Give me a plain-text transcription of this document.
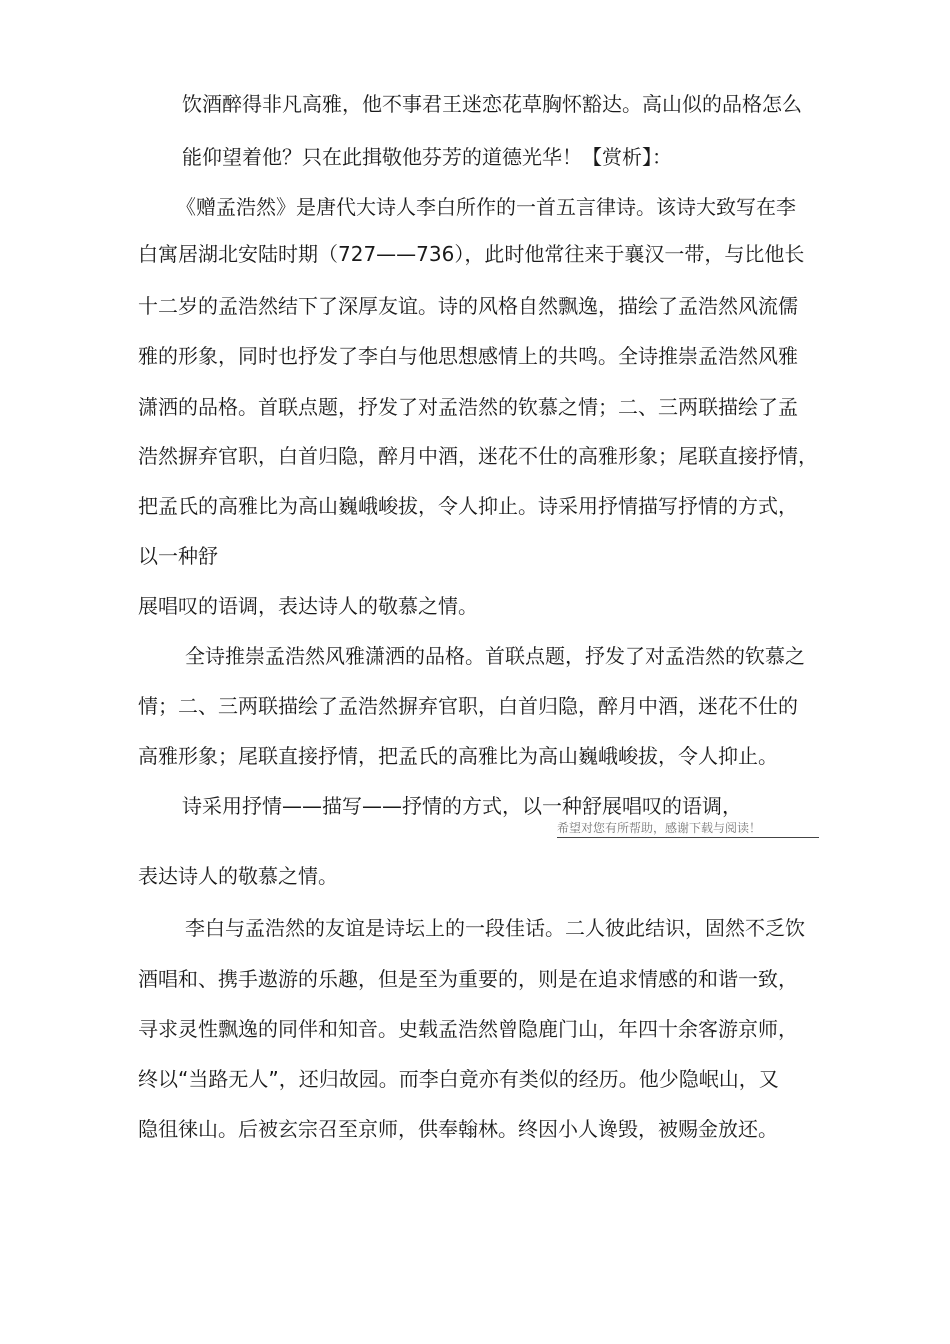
饮酒醉得非凡高雅，他不事君王迷恋花草胸怀豁达。高山似的品格怎么
能仰望着他？只在此揖敬他芬芳的道德光华！【赏析】：
《赠孟浩然》是唐代大诗人李白所作的一首五言律诗。该诗大致写在李
白寓居湖北安陆时期（727——736），此时他常往来于襄汉一带，与比他长
十二岁的孟浩然结下了深厚友谊。诗的风格自然飘逸，描绘了孟浩然风流儒
雅的形象，同时也抒发了李白与他思想感情上的共鸣。全诗推崇孟浩然风雅
潇洒的品格。首联点题，抒发了对孟浩然的钦慕之情；二、三两联描绘了孟
浩然摒弃官职，白首归隐，醉月中酒，迷花不仕的高雅形象；尾联直接抒情，
把孟氏的高雅比为高山巍峨峻拔，令人抑止。诗采用抒情描写抒情的方式，
以一种舒
展唱叹的语调，表达诗人的敬慕之情。
全诗推崇孟浩然风雅潇洒的品格。首联点题，抒发了对孟浩然的钦慕之
情；二、三两联描绘了孟浩然摒弃官职，白首归隐，醉月中酒，迷花不仕的
高雅形象；尾联直接抒情，把孟氏的高雅比为高山巍峨峻拔，令人抑止。
诗采用抒情——描写——抒情的方式，以一种舒展唱叹的语调，
希望对您有所帮助，感谢下载与阅读！
表达诗人的敬慕之情。
李白与孟浩然的友谊是诗坛上的一段佳话。二人彼此结识，固然不乏饮
酒唱和、携手遨游的乐趣，但是至为重要的，则是在追求情感的和谐一致，
寻求灵性飘逸的同伴和知音。史载孟浩然曾隐鹿门山，年四十余客游京师，
终以“当路无人”，还归故园。而李白竟亦有类似的经历。他少隐岷山，又
隐徂徕山。后被玄宗召至京师，供奉翰林。终因小人谗毁，被赐金放还。
